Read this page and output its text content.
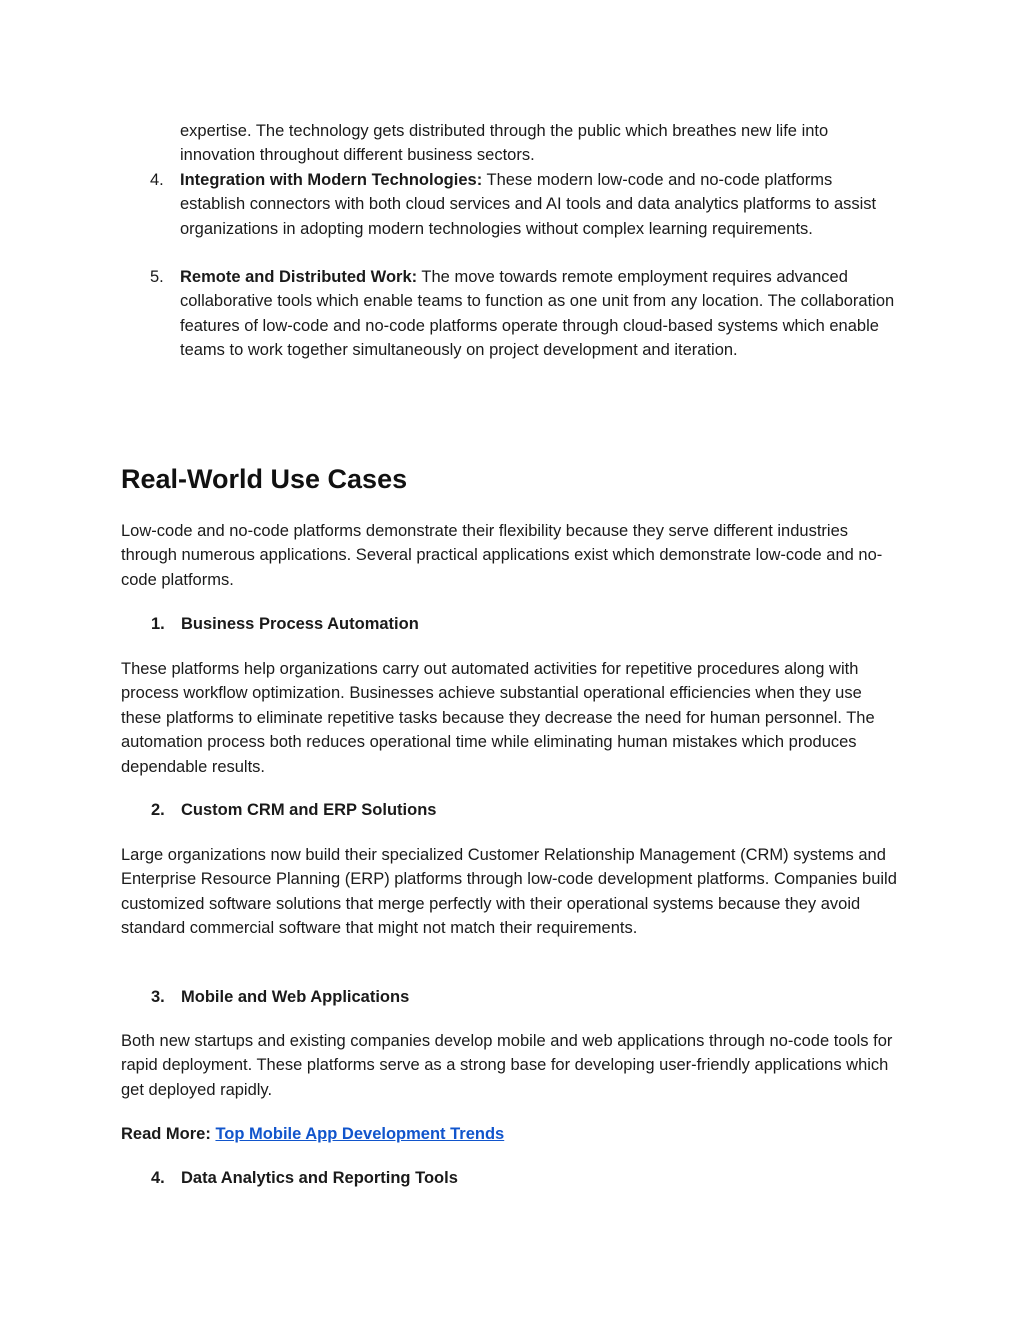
expertise. The technology gets distributed through the public which breathes new life into innovation throughout different business sectors.
4. Integration with Modern Technologies: These modern low-code and no-code platforms establish connectors with both cloud services and AI tools and data analytics platforms to assist organizations in adopting modern technologies without complex learning requirements.
5. Remote and Distributed Work: The move towards remote employment requires advanced collaborative tools which enable teams to function as one unit from any location. The collaboration features of low-code and no-code platforms operate through cloud-based systems which enable teams to work together simultaneously on project development and iteration.
Real-World Use Cases
Low-code and no-code platforms demonstrate their flexibility because they serve different industries through numerous applications. Several practical applications exist which demonstrate low-code and no-code platforms.
1. Business Process Automation
These platforms help organizations carry out automated activities for repetitive procedures along with process workflow optimization. Businesses achieve substantial operational efficiencies when they use these platforms to eliminate repetitive tasks because they decrease the need for human personnel. The automation process both reduces operational time while eliminating human mistakes which produces dependable results.
2. Custom CRM and ERP Solutions
Large organizations now build their specialized Customer Relationship Management (CRM) systems and Enterprise Resource Planning (ERP) platforms through low-code development platforms. Companies build customized software solutions that merge perfectly with their operational systems because they avoid standard commercial software that might not match their requirements.
3. Mobile and Web Applications
Both new startups and existing companies develop mobile and web applications through no-code tools for rapid deployment. These platforms serve as a strong base for developing user-friendly applications which get deployed rapidly.
Read More: Top Mobile App Development Trends
4. Data Analytics and Reporting Tools
